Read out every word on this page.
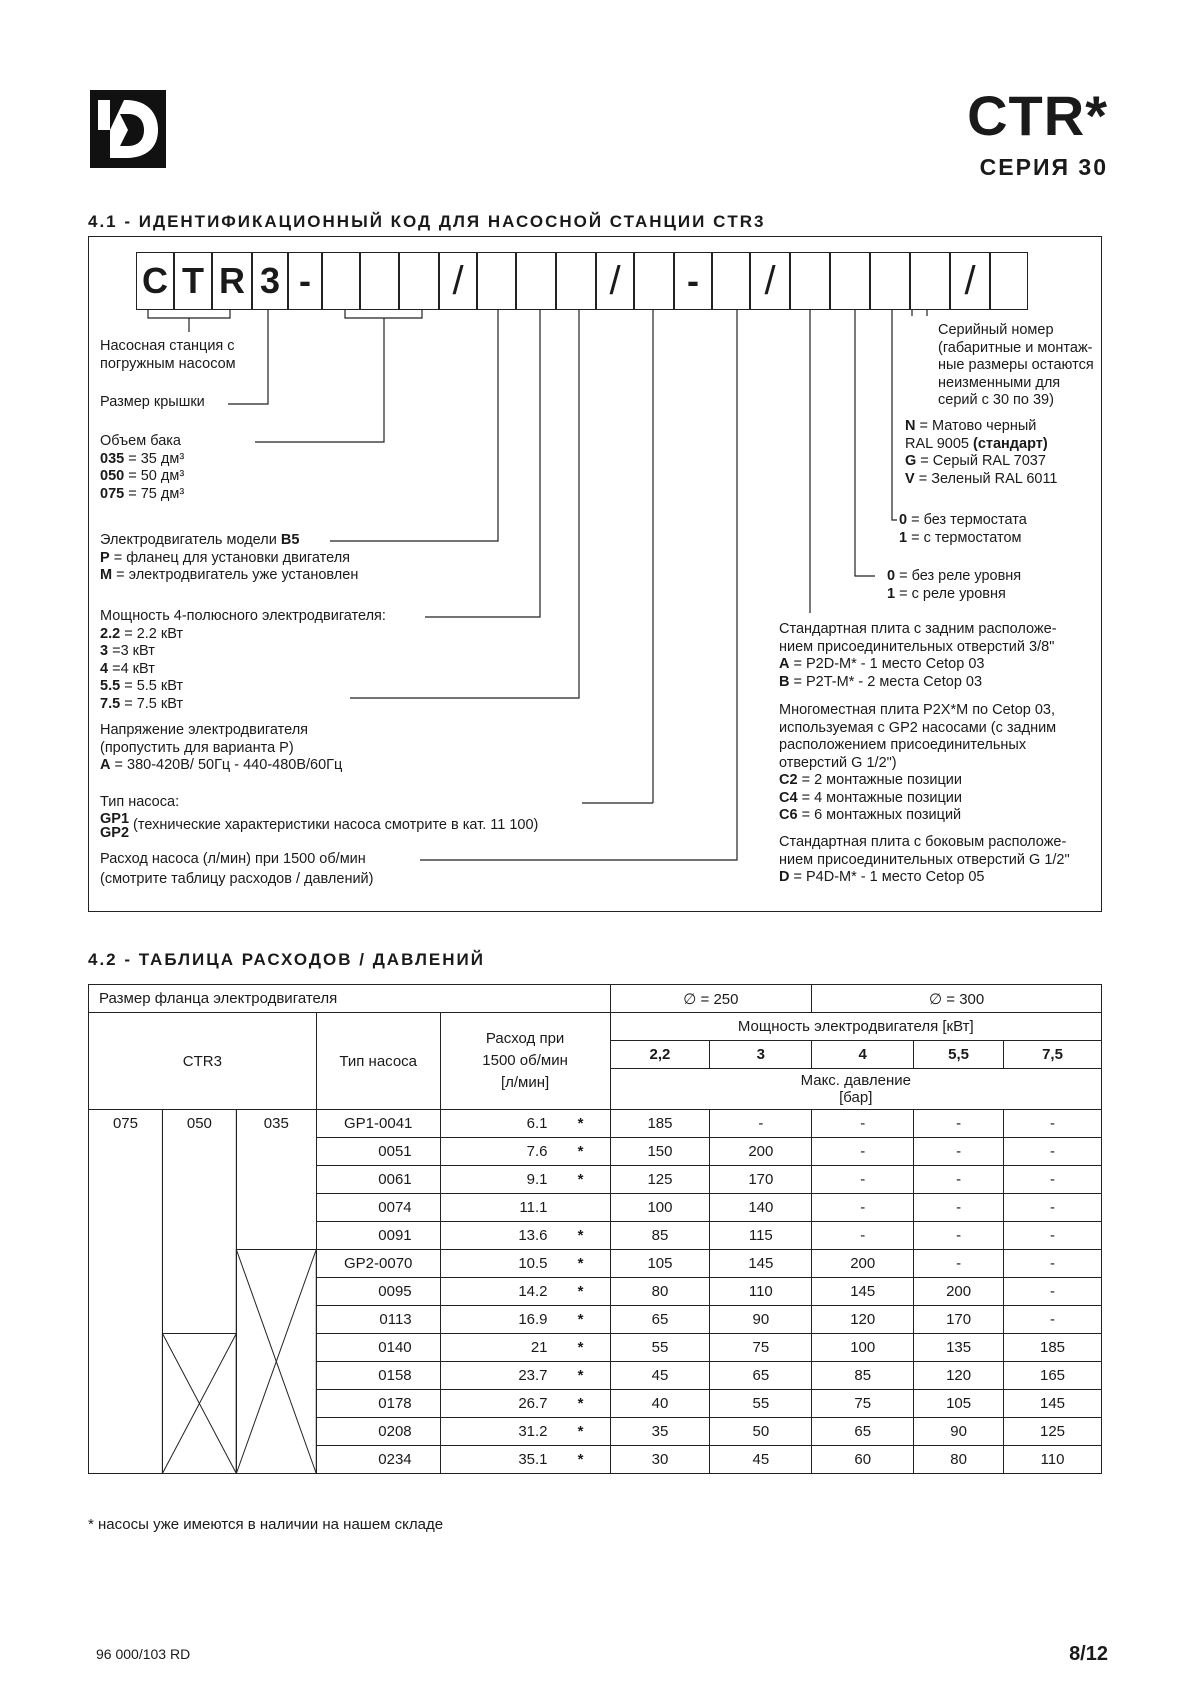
CTR*
СЕРИЯ 30
4.1 - ИДЕНТИФИКАЦИОННЫЙ КОД ДЛЯ НАСОСНОЙ СТАНЦИИ CTR3
C T R 3 -	/	/	-	/	/
Насосная станция с
погружным насосом
Размер крышки
Объем бака
035 = 35 дм³
050 = 50 дм³
075 = 75 дм³
Электродвигатель модели B5
P = фланец для установки двигателя
M = электродвигатель уже установлен
Мощность 4-полюсного электродвигателя:
2.2 = 2.2 кВт
3 =3 кВт
4 =4 кВт
5.5 = 5.5 кВт
7.5 = 7.5 кВт
Напряжение электродвигателя
(пропустить для варианта P)
A = 380-420В/ 50Гц - 440-480В/60Гц
Тип насоса:
GP1
GP2 (технические характеристики насоса смотрите в кат. 11 100)
Расход насоса (л/мин) при 1500 об/мин
(смотрите таблицу расходов / давлений)
Серийный номер
(габаритные и монтаж-
ные размеры остаются
неизменными для
серий с 30 по 39)
N = Матово черный
RAL 9005 (стандарт)
G = Серый RAL 7037
V = Зеленый RAL 6011
0 = без термостата
1 = с термостатом
0 = без реле уровня
1 = с реле уровня
Стандартная плита с задним расположе-
нием присоединительных отверстий 3/8"
A = P2D-M* - 1 место Cetop 03
B = P2T-M* - 2 места Cetop 03
Многоместная плита P2X*M по Cetop 03,
используемая с GP2 насосами (с задним
расположением присоединительных
отверстий G 1/2")
C2 = 2 монтажные позиции
C4 = 4 монтажные позиции
C6 = 6 монтажных позиций
Стандартная плита с боковым расположе-
нием присоединительных отверстий G 1/2"
D = P4D-M* - 1 место Cetop 05
4.2 - ТАБЛИЦА РАСХОДОВ / ДАВЛЕНИЙ
Размер фланца электродвигателя					∅ = 250		∅ = 300		
CTR3			Тип насоса	Расход при
1500 об/мин
[л/мин]	Мощность электродвигателя [кВт]				
					2,2	3	4	5,5	7,5

					Макс. давление
[бар]				

075	050	035	GP1-0041	6.1 *	185	-	-	-	-
			0051	7.6 *	150	200	-	-	-
			0061	9.1 *	125	170	-	-	-
			0074	11.1	100	140	-	-	-
			0091	13.6 *	85	115	-	-	-
			GP2-0070	10.5 *	105	145	200	-	-
			0095	14.2 *	80	110	145	200	-
			0113	16.9 *	65	90	120	170	-
			0140	21 *	55	75	100	135	185
			0158	23.7 *	45	65	85	120	165
			0178	26.7 *	40	55	75	105	145
			0208	31.2 *	35	50	65	90	125
			0234	35.1 *	30	45	60	80	110
* насосы уже имеются в наличии на нашем складе
96 000/103 RD	8/12
